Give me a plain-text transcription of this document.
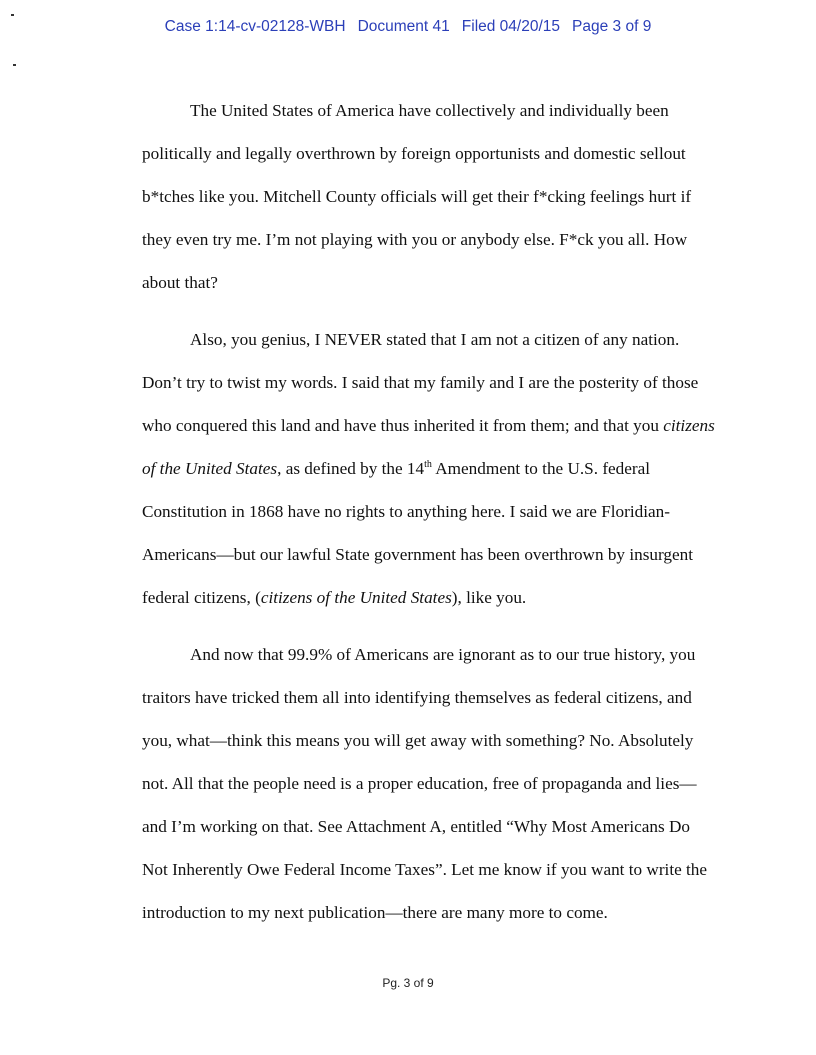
Case 1:14-cv-02128-WBH Document 41 Filed 04/20/15 Page 3 of 9
The United States of America have collectively and individually been
politically and legally overthrown by foreign opportunists and domestic sellout
b*tches like you. Mitchell County officials will get their f*cking feelings hurt if
they even try me. I’m not playing with you or anybody else. F*ck you all. How
about that?
Also, you genius, I NEVER stated that I am not a citizen of any nation.
Don’t try to twist my words. I said that my family and I are the posterity of those
who conquered this land and have thus inherited it from them; and that you citizens
of the United States, as defined by the 14th Amendment to the U.S. federal
Constitution in 1868 have no rights to anything here. I said we are Floridian-
Americans—but our lawful State government has been overthrown by insurgent
federal citizens, (citizens of the United States), like you.
And now that 99.9% of Americans are ignorant as to our true history, you
traitors have tricked them all into identifying themselves as federal citizens, and
you, what—think this means you will get away with something? No. Absolutely
not. All that the people need is a proper education, free of propaganda and lies—
and I’m working on that. See Attachment A, entitled “Why Most Americans Do
Not Inherently Owe Federal Income Taxes”. Let me know if you want to write the
introduction to my next publication—there are many more to come.
Pg. 3 of 9
